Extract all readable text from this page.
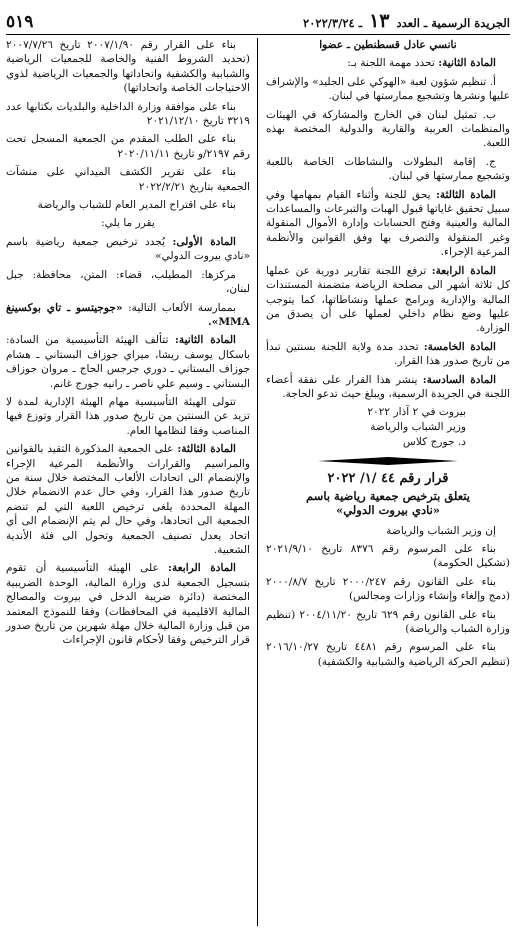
الجريدة الرسمية ـ العدد ١٣ ـ ٢٠٢٢/٣/٢٤
٥١٩

نانسي عادل قسطنطين ـ عضوا

المادة الثانية: تحدد مهمة اللجنة بـ:

أ. تنظيم شؤون لعبة «الهوكي على الجليد» والإشراف عليها ونشرها وتشجيع ممارستها في لبنان.

ب. تمثيل لبنان في الخارج والمشاركة في الهيئات والمنظمات العربية والقارية والدولية المختصة بهذه اللعبة.

ج. إقامة البطولات والنشاطات الخاصة باللعبة وتشجيع ممارستها في لبنان.

المادة الثالثة: يحق للجنة وأثناء القيام بمهامها وفي سبيل تحقيق غاياتها قبول الهبات والتبرعات والمساعدات المالية والعينية وفتح الحسابات وإدارة الأموال المنقولة وغير المنقولة والتصرف بها وفق القوانين والأنظمة المرعية الإجراء.

المادة الرابعة: ترفع اللجنة تقارير دورية عن عملها كل ثلاثة أشهر الى مصلحة الرياضة متضمنة المستندات المالية والإدارية وبرامج عملها ونشاطاتها، كما يتوجب عليها وضع نظام داخلي لعملها على أن يصدق من الوزارة.

المادة الخامسة: تحدد مدة ولاية اللجنة بسنتين تبدأ من تاريخ صدور هذا القرار.

المادة السادسة: ينشر هذا القرار على نفقة أعضاء اللجنة في الجريدة الرسمية، ويبلغ حيث تدعو الحاجة.

بيروت في ٢ آذار ٢٠٢٢
وزير الشباب والرياضة
د. جورج كلاس
قرار رقم ٤٤ /١/ ٢٠٢٢
يتعلق بترخيص جمعية رياضية باسم
«نادي بيروت الدولي»

إن وزير الشباب والرياضة

بناء على المرسوم رقم ٨٣٧٦ تاريخ ٢٠٢١/٩/١٠ (تشكيل الحكومة)

بناء على القانون رقم ٢٠٠٠/٢٤٧ تاريخ ٢٠٠٠/٨/٧ (دمج وإلغاء وإنشاء وزارات ومجالس)

بناء على القانون رقم ٦٢٩ تاريخ ٢٠٠٤/١١/٢٠ (تنظيم وزارة الشباب والرياضة)

بناء على المرسوم رقم ٤٤٨١ تاريخ ٢٠١٦/١٠/٢٧ (تنظيم الحركة الرياضية والشبابية والكشفية)

بناء على القرار رقم ٢٠٠٧/١/٩٠ تاريخ ٢٠٠٧/٧/٢٦ (تحديد الشروط الفنية والخاصة للجمعيات الرياضية والشبابية والكشفية واتحاداتها والجمعيات الرياضية لذوي الاحتياجات الخاصة واتحاداتها)

بناء على موافقة وزارة الداخلية والبلديات بكتابها عدد ٣٢١٩ تاريخ ٢٠٢١/١٢/١٠

بناء على الطلب المقدم من الجمعية المسجل تحت رقم ٢١٩٧/و تاريخ ٢٠٢٠/١١/١١

بناء على تقرير الكشف الميداني على منشآت الجمعية بتاريخ ٢٠٢٢/٢/٢١

بناء على اقتراح المدير العام للشباب والرياضة

يقرر ما يلي:

المادة الأولى: يُجدد ترخيص جمعية رياضية باسم «نادي بيروت الدولي»

مركزها: المطيلب، قضاء: المتن، محافظة: جبل لبنان،

بممارسة الألعاب التالية: «جوجيتسو ـ تاي بوكسينغ MMA».

المادة الثانية: تتألف الهيئة التأسيسية من السادة: باسكال يوسف ريشا، ميراي جوزاف البستاني ـ هشام جوزاف البستاني ـ دوري جرجس الحاج ـ مروان جوزاف البستاني ـ وسيم علي ناصر ـ رانيه جورج غانم.

تتولى الهيئة التأسيسية مهام الهيئة الإدارية لمدة لا تزيد عن السنتين من تاريخ صدور هذا القرار وتوزع فيها المناصب وفقا لنظامها العام.

المادة الثالثة: على الجمعية المذكورة التقيد بالقوانين والمراسيم والقرارات والأنظمة المرعية الإجراء والإنضمام الى اتحادات الألعاب المختصة خلال سنة من تاريخ صدور هذا القرار، وفي حال عدم الانضمام خلال المهلة المحددة يلغى ترخيص اللعبة التي لم تنضم الجمعية الى اتحادها، وفي حال لم يتم الإنضمام الى أي اتحاد يعدل تصنيف الجمعية وتحول الى فئة الأندية الشعبية.

المادة الرابعة: على الهيئة التأسيسية أن تقوم بتسجيل الجمعية لدى وزارة المالية، الوحدة الضريبية المختصة (دائرة ضريبة الدخل في بيروت والمصالح المالية الاقليمية في المحافظات) وفقا للنموذج المعتمد من قبل وزارة المالية خلال مهلة شهرين من تاريخ صدور قرار الترخيص وفقا لأحكام قانون الإجراءات
